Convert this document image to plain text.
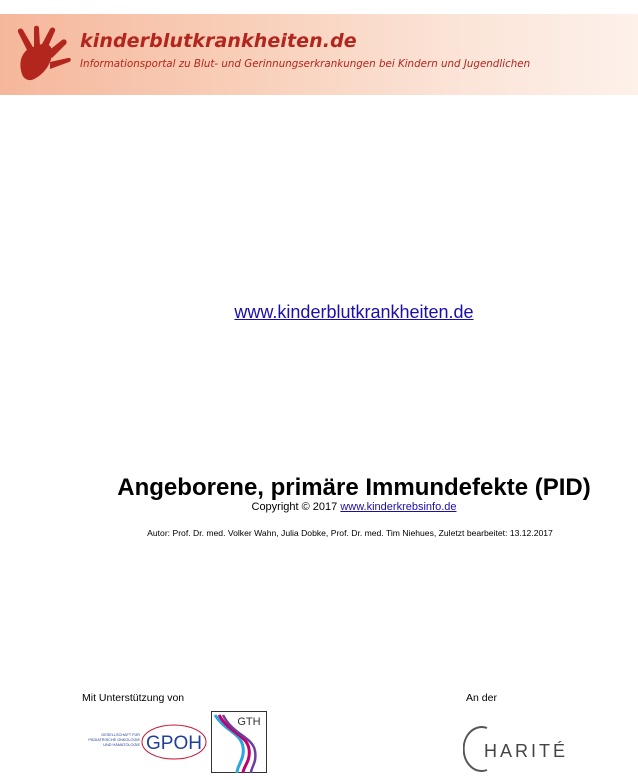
kinderblutkrankheiten.de
Informationsportal zu Blut- und Gerinnungserkrankungen bei Kindern und Jugendlichen
www.kinderblutkrankheiten.de
Angeborene, primäre Immundefekte (PID)
Copyright © 2017 www.kinderkrebsinfo.de
Autor: Prof. Dr. med. Volker Wahn, Julia Dobke, Prof. Dr. med. Tim Niehues, Zuletzt bearbeitet: 13.12.2017
Mit Unterstützung von	An der
GESELLSCHAFT FÜR
PÄDIATRISCHE ONKOLOGIE
UND HÄMATOLOGIE GPOH
GTH
HARITÉ
